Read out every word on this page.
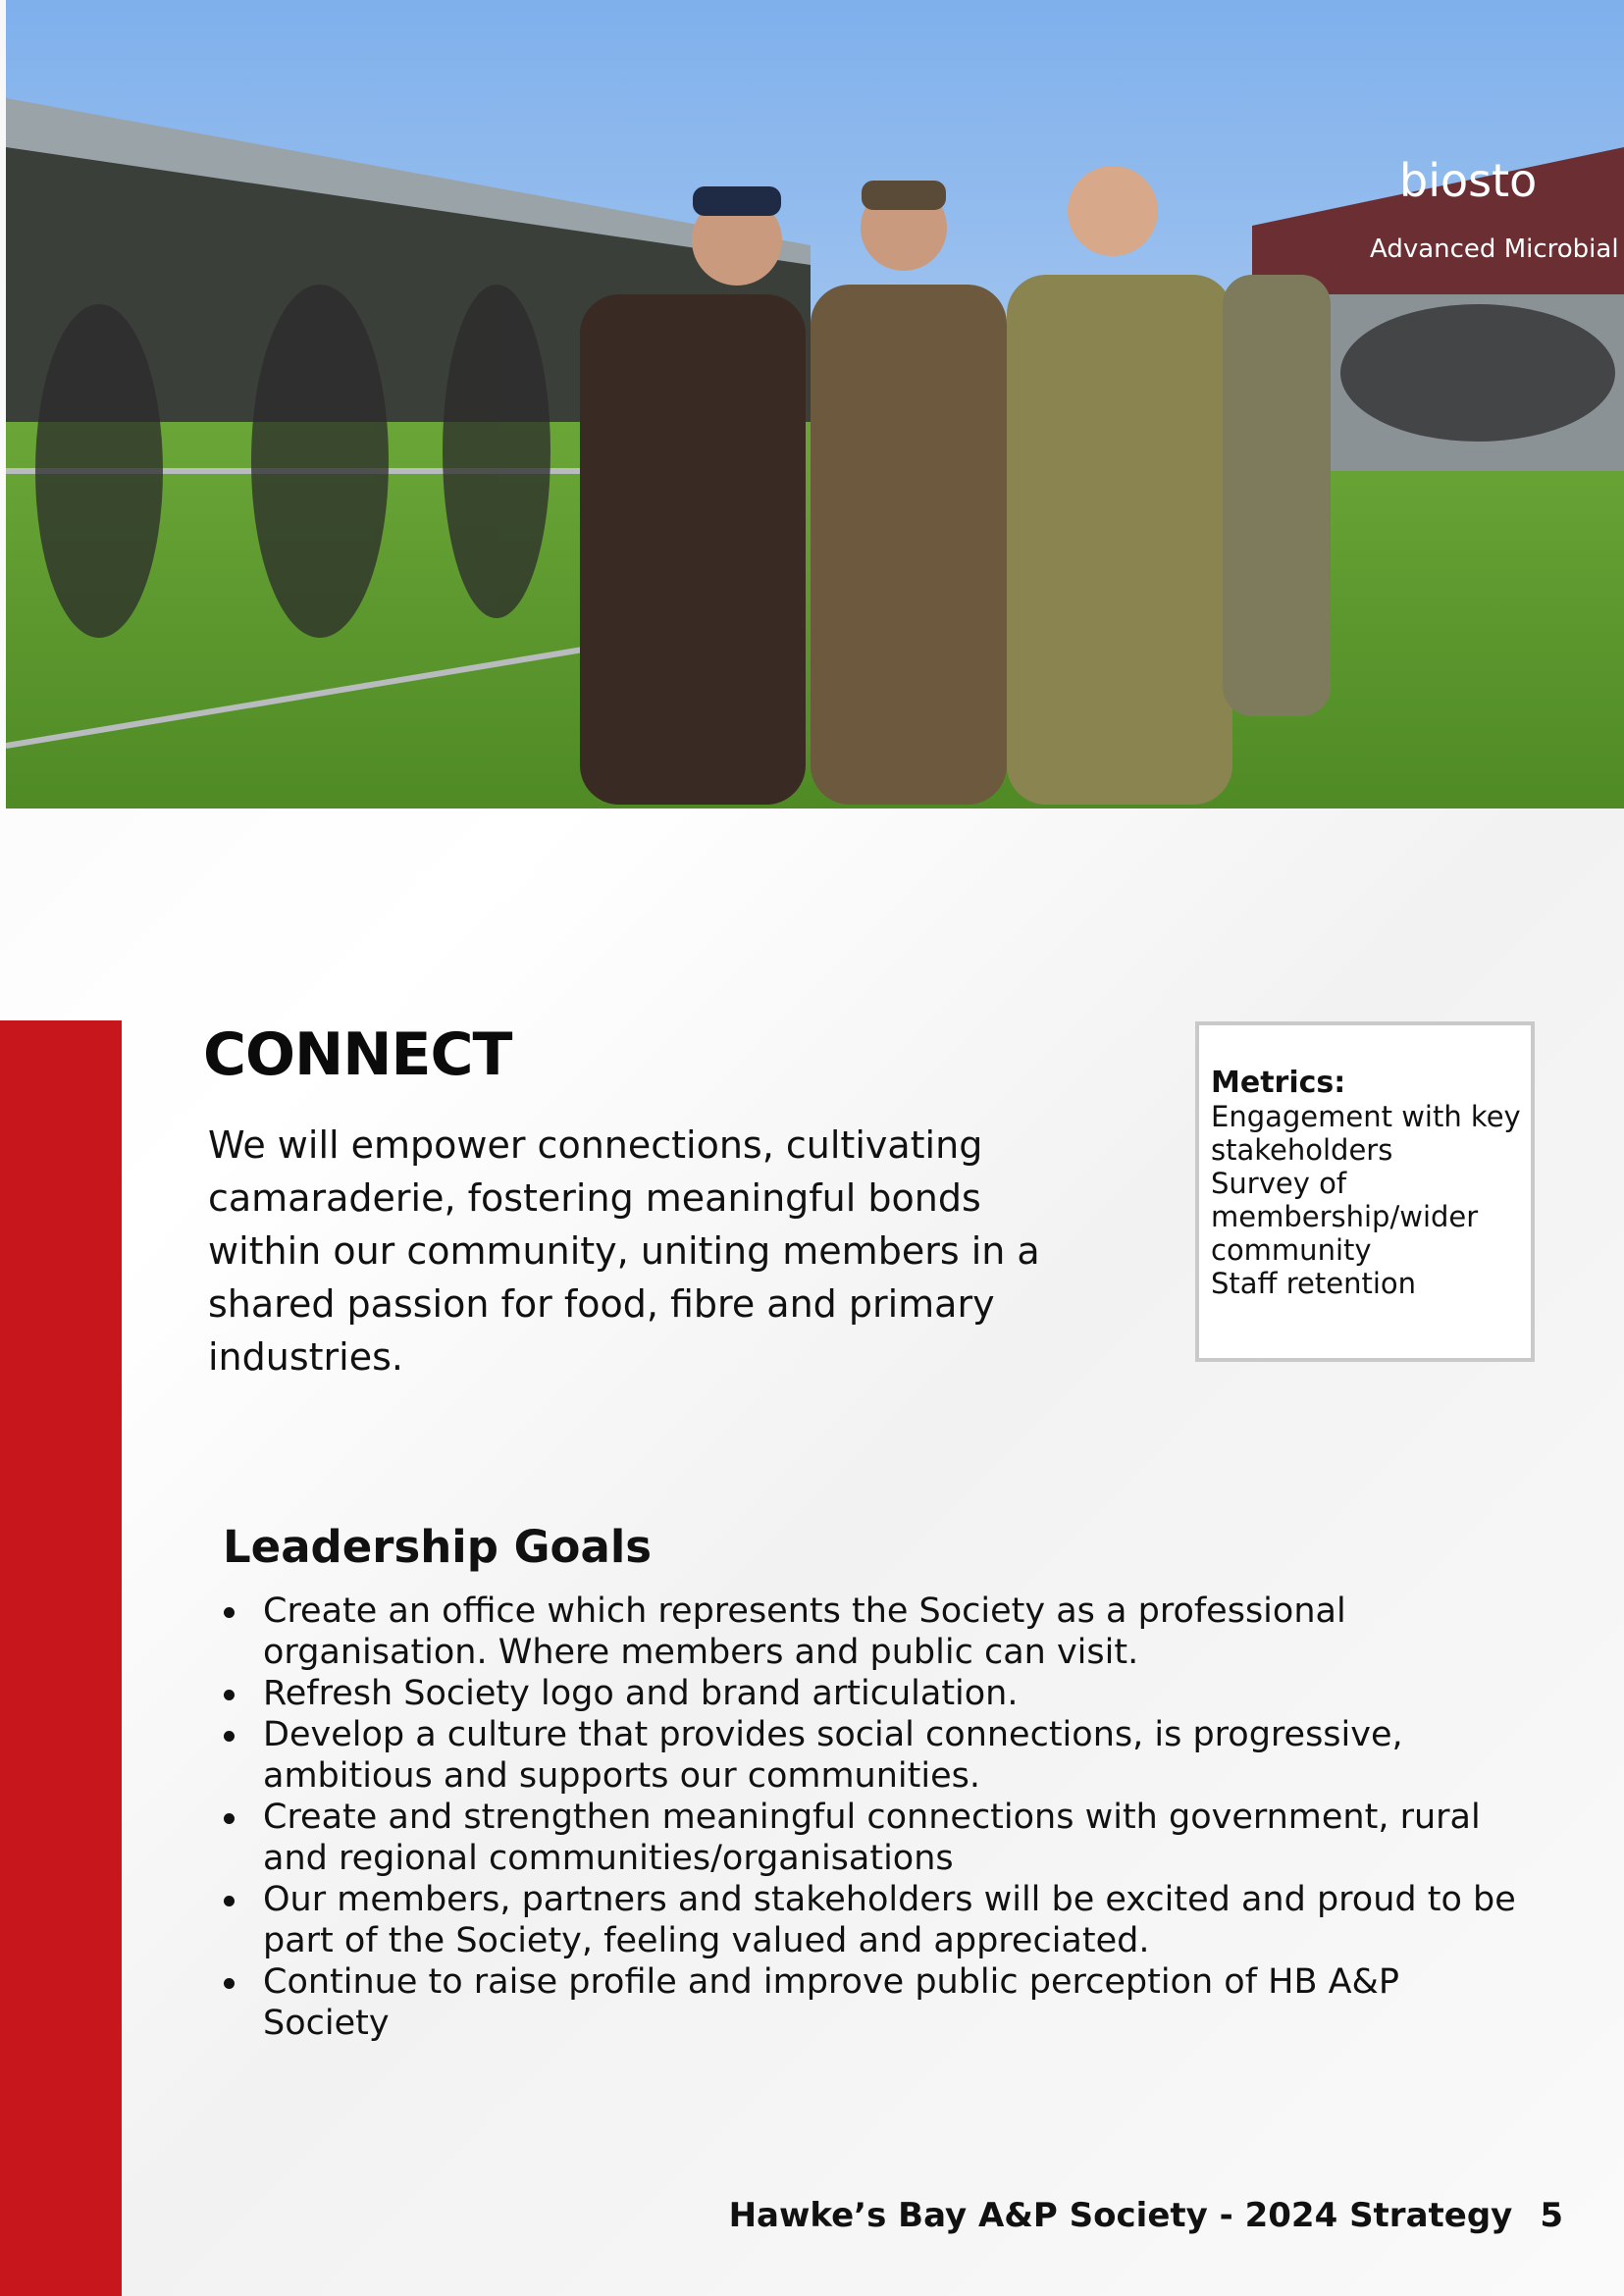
biosto
Advanced Microbial
CONNECT

We will empower connections, cultivating camaraderie, fostering meaningful bonds within our community, uniting members in a shared passion for food, fibre and primary industries.

Metrics:

Engagement with key stakeholders

Survey of membership/wider community

Staff retention

Leadership Goals
Create an office which represents the Society as a professional organisation. Where members and public can visit.
Refresh Society logo and brand articulation.
Develop a culture that provides social connections, is progressive, ambitious and supports our communities.
Create and strengthen meaningful connections with government, rural and regional communities/organisations
Our members, partners and stakeholders will be excited and proud to be part of the Society, feeling valued and appreciated.
Continue to raise profile and improve public perception of HB A&P Society

Hawke’s Bay A&P Society - 2024 Strategy 5
